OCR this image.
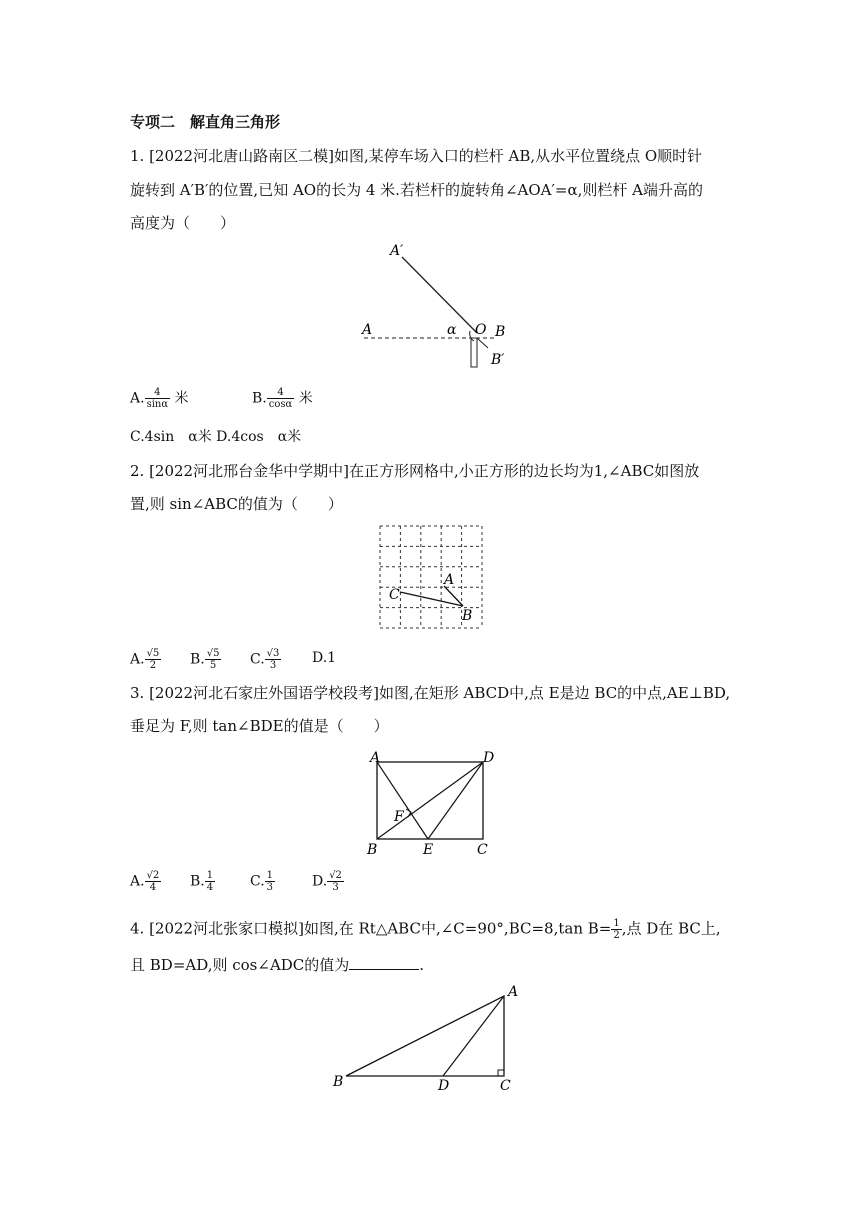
专项二　解直角三角形
1. [2022河北唐山路南区二模]如图,某停车场入口的栏杆 AB,从水平位置绕点 O顺时针
旋转到 A′B′的位置,已知 AO的长为 4 米.若栏杆的旋转角∠AOA′=α,则栏杆 A端升高的
高度为（　　）
A′
A	α O B
B′
A. $\frac{4}{\sin\alpha}$ 米	B. $\frac{4}{\cos\alpha}$ 米
C.4sin　α米 D.4cos　α米
2. [2022河北邢台金华中学期中]在正方形网格中,小正方形的边长均为1,∠ABC如图放
置,则 sin∠ABC的值为（　　）
A
C
B
A. $\frac{√5}{2} B$. $\frac{√5}{5} C$. $\frac{√3}{3} D.1$
3. [2022河北石家庄外国语学校段考]如图,在矩形 ABCD中,点 E是边 BC的中点,AE⊥BD,
垂足为 F,则 tan∠BDE的值是（　　）
A	D
F
B	E	C
A. $\frac{√2}{4} B$. $\frac{1}{4} C$. $\frac{1}{3}$	D. $\frac{√2}{3}$
4. [2022河北张家口模拟]如图,在 Rt△ABC中,∠C=90°,BC=8,tan $B= \frac{1}{2}$ ,点 D在 BC上,
且 BD=AD,则 cos∠ADC的值为	.
A
B	D	C
